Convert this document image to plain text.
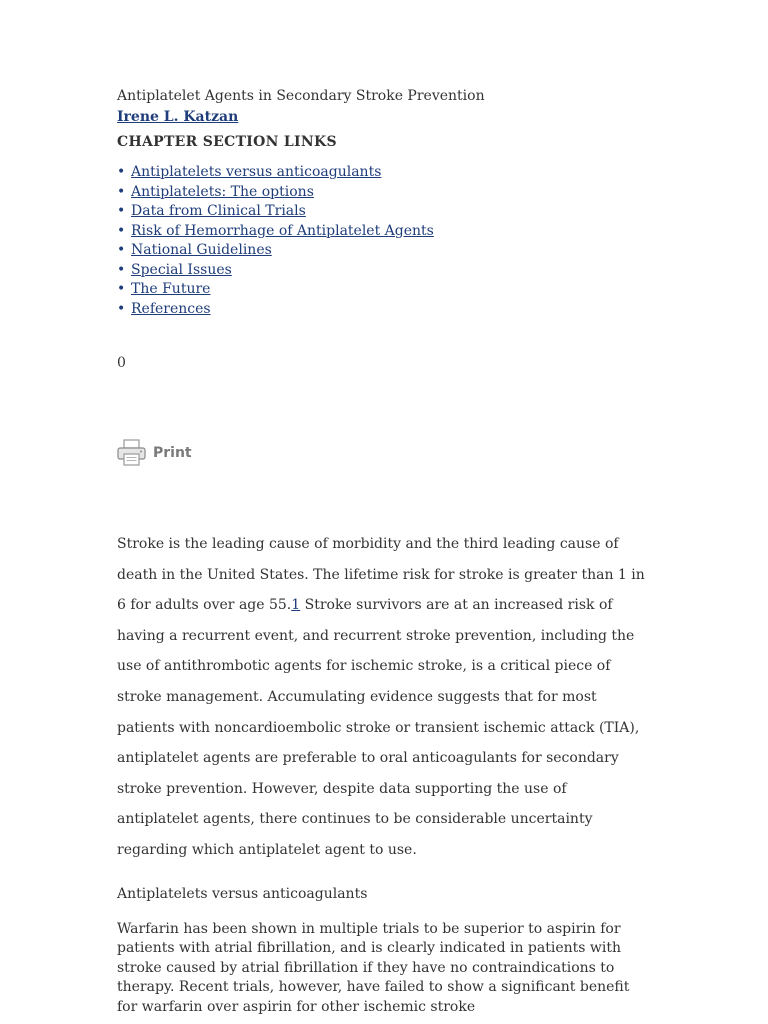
Antiplatelet Agents in Secondary Stroke Prevention

Irene L. Katzan

CHAPTER SECTION LINKS

• Antiplatelets versus anticoagulants
• Antiplatelets: The options
• Data from Clinical Trials
• Risk of Hemorrhage of Antiplatelet Agents
• National Guidelines
• Special Issues
• The Future
• References
0
Print

Stroke is the leading cause of morbidity and the third leading cause of death in the United States. The lifetime risk for stroke is greater than 1 in 6 for adults over age 55.1 Stroke survivors are at an increased risk of having a recurrent event, and recurrent stroke prevention, including the use of antithrombotic agents for ischemic stroke, is a critical piece of stroke management. Accumulating evidence suggests that for most patients with noncardioembolic stroke or transient ischemic attack (TIA), antiplatelet agents are preferable to oral anticoagulants for secondary stroke prevention. However, despite data supporting the use of antiplatelet agents, there continues to be considerable uncertainty regarding which antiplatelet agent to use.

Antiplatelets versus anticoagulants

Warfarin has been shown in multiple trials to be superior to aspirin for patients with atrial fibrillation, and is clearly indicated in patients with stroke caused by atrial fibrillation if they have no contraindications to therapy. Recent trials, however, have failed to show a significant benefit for warfarin over aspirin for other ischemic stroke
